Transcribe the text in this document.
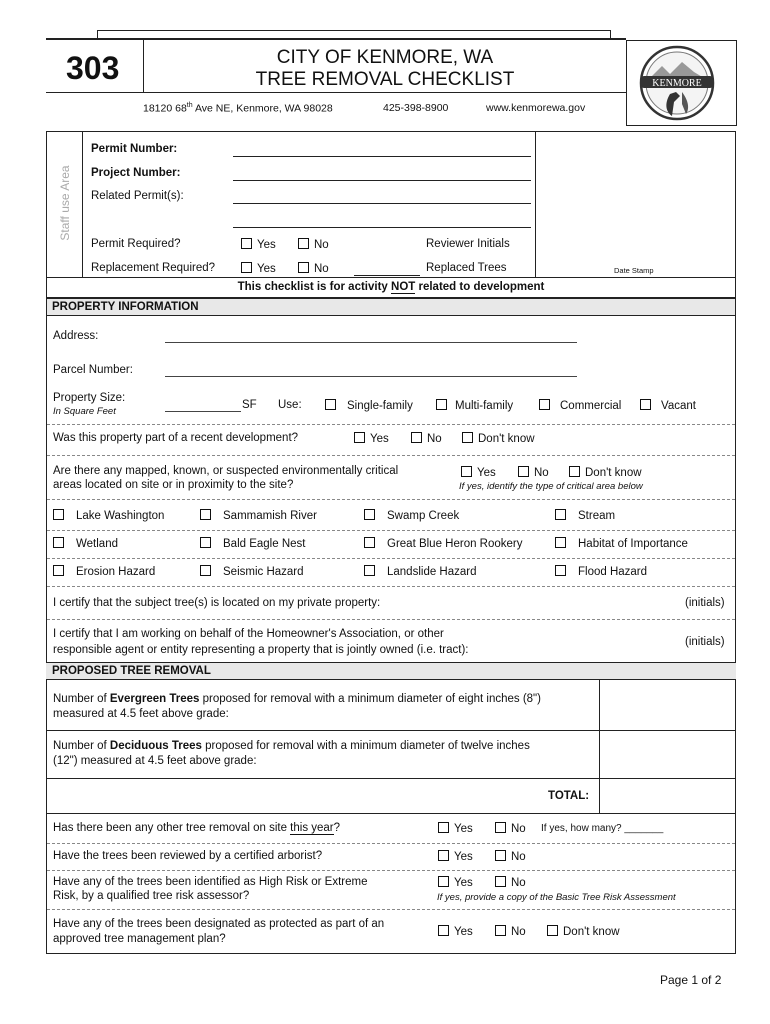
303	CITY OF KENMORE, WA
TREE REMOVAL CHECKLIST
18120 68th Ave NE, Kenmore, WA 98028	425-398-8900	www.kenmorewa.gov
KENMORE
Staff use Area
Permit Number:
Project Number:
Related Permit(s):
Permit Required?	Yes	No	Reviewer Initials
Replacement Required?	Yes	No	Replaced Trees	Date Stamp
This checklist is for activity NOT related to development
PROPERTY INFORMATION
Address:
Parcel Number:
Property Size:
In Square Feet
SF Use:	Single-family	Multi-family	Commercial	Vacant
Was this property part of a recent development?	Yes	No	Don't know
Are there any mapped, known, or suspected environmentally critical
areas located on site or in proximity to the site?
Yes	No	Don't know
If yes, identify the type of critical area below
Lake Washington	Sammamish River	Swamp Creek	Stream
Wetland	Bald Eagle Nest	Great Blue Heron Rookery	Habitat of Importance
Erosion Hazard	Seismic Hazard	Landslide Hazard	Flood Hazard
I certify that the subject tree(s) is located on my private property:	(initials)
I certify that I am working on behalf of the Homeowner's Association, or other
responsible agent or entity representing a property that is jointly owned (i.e. tract):
(initials)
PROPOSED TREE REMOVAL
Number of Evergreen Trees proposed for removal with a minimum diameter of eight inches (8")
measured at 4.5 feet above grade:
Number of Deciduous Trees proposed for removal with a minimum diameter of twelve inches
(12") measured at 4.5 feet above grade:
TOTAL:
Has there been any other tree removal on site this year?	Yes	No If yes, how many? _______
Have the trees been reviewed by a certified arborist?	Yes	No
Have any of the trees been identified as High Risk or Extreme
Risk, by a qualified tree risk assessor?
Yes	No
If yes, provide a copy of the Basic Tree Risk Assessment
Have any of the trees been designated as protected as part of an
approved tree management plan?
Yes	No	Don't know
Page 1 of 2
